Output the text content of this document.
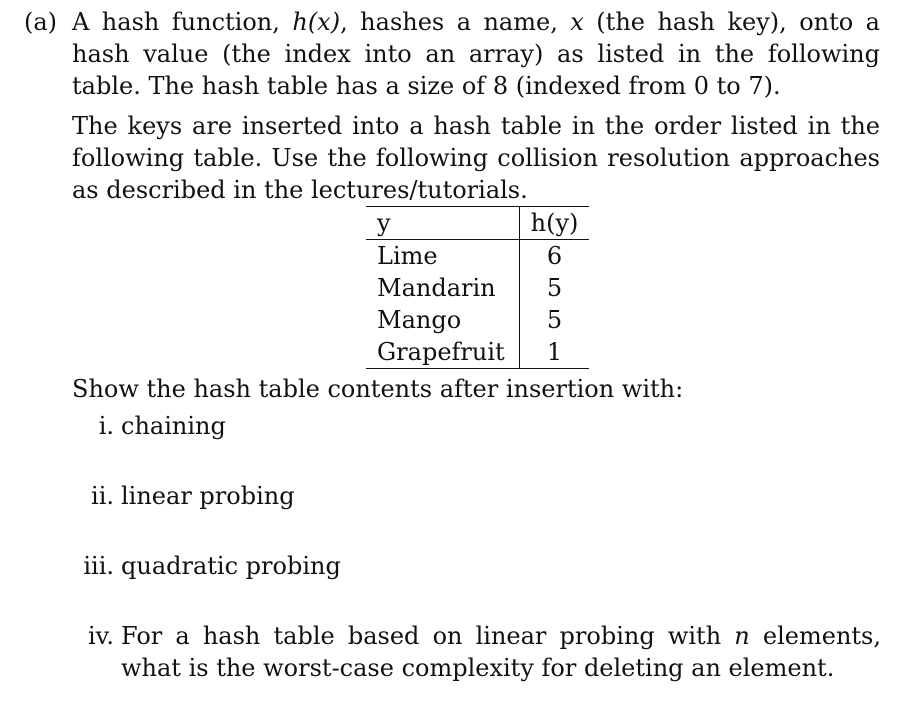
(a) A hash function, h(x), hashes a name, x (the hash key), onto a hash value (the index into an array) as listed in the following table. The hash table has a size of 8 (indexed from 0 to 7).
The keys are inserted into a hash table in the order listed in the following table. Use the following collision resolution approaches as described in the lectures/tutorials.
y	h(y)
Lime	6
Mandarin	5
Mango	5
Grapefruit	1
Show the hash table contents after insertion with:
i. chaining
ii. linear probing
iii. quadratic probing
iv. For a hash table based on linear probing with n elements, what is the worst-case complexity for deleting an element.
